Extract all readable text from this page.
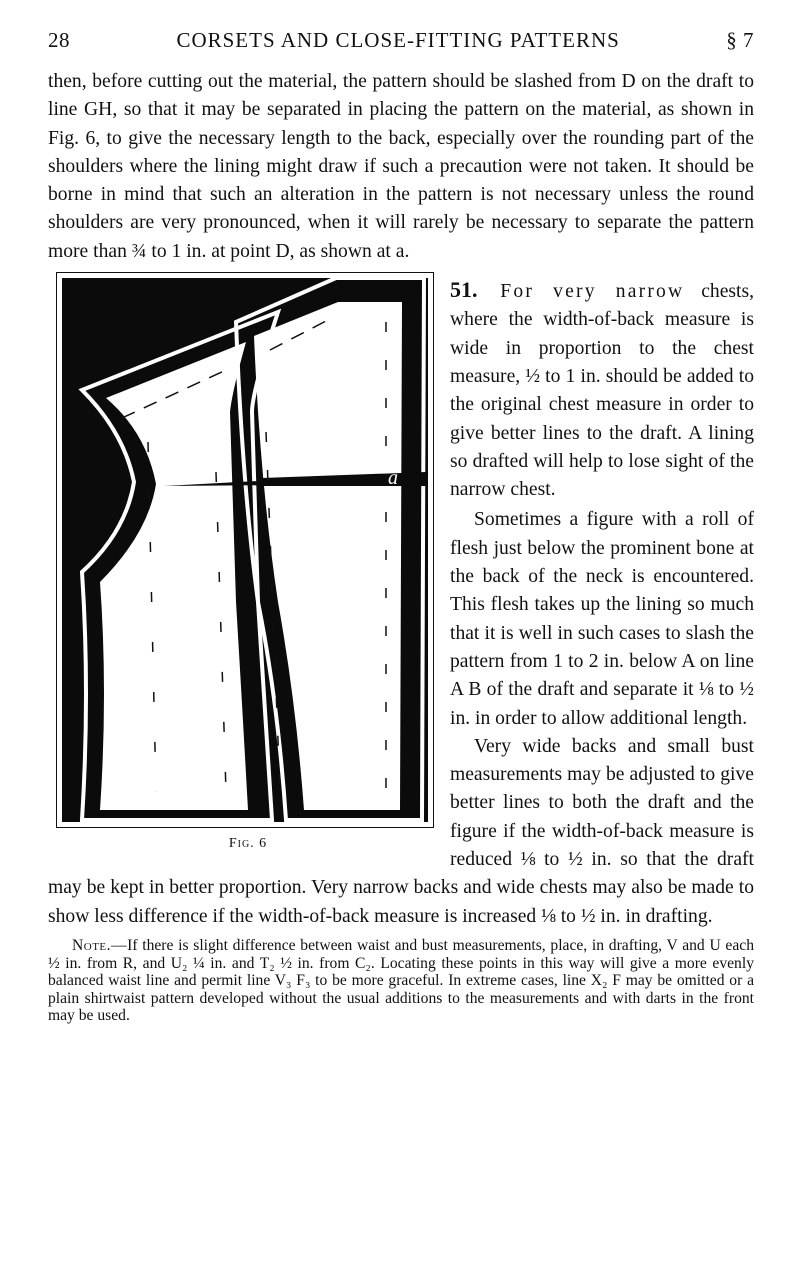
28	CORSETS AND CLOSE-FITTING PATTERNS	§ 7

then, before cutting out the material, the pattern should be slashed from D on the draft to line GH, so that it may be separated in placing the pattern on the material, as shown in Fig. 6, to give the necessary length to the back, especially over the rounding part of the shoulders where the lining might draw if such a precaution were not taken. It should be borne in mind that such an alteration in the pattern is not necessary unless the round shoulders are very pronounced, when it will rarely be necessary to separate the pattern more than ¾ to 1 in. at point D, as shown at a.

a
Fig. 6

51. For very narrow chests, where the width-of-back measure is wide in proportion to the chest measure, ½ to 1 in. should be added to the original chest measure in order to give better lines to the draft. A lining so drafted will help to lose sight of the narrow chest.

Sometimes a figure with a roll of flesh just below the prominent bone at the back of the neck is encountered. This flesh takes up the lining so much that it is well in such cases to slash the pattern from 1 to 2 in. below A on line A B of the draft and separate it ⅛ to ½ in. in order to allow additional length.

Very wide backs and small bust measurements may be adjusted to give better lines to both the draft and the figure if the width-of-back measure is reduced ⅛ to ½ in. so that the draft may be kept in better proportion. Very narrow backs and wide chests may also be made to show less difference if the width-of-back measure is increased ⅛ to ½ in. in drafting.

Note.—If there is slight difference between waist and bust measurements, place, in drafting, V and U each ½ in. from R, and U₂ ¼ in. and T₂ ½ in. from C₂. Locating these points in this way will give a more evenly balanced waist line and permit line V₃ F₃ to be more graceful. In extreme cases, line X₂ F may be omitted or a plain shirtwaist pattern developed without the usual additions to the measurements and with darts in the front may be used.
